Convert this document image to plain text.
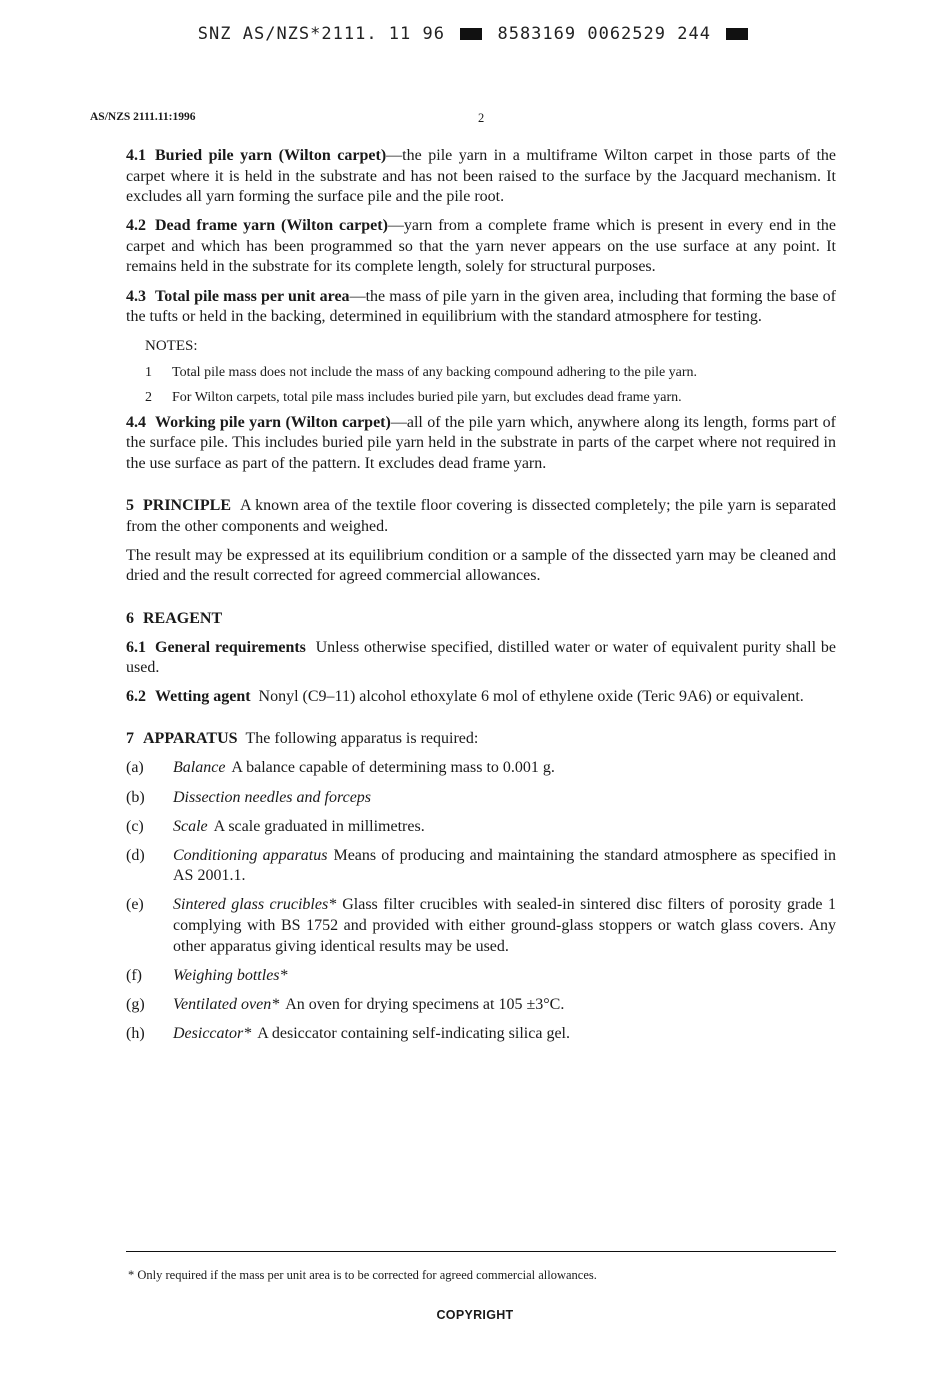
SNZ AS/NZS*2111. 11 96	8583169 0062529 244
AS/NZS 2111.11:1996	2

4.1 Buried pile yarn (Wilton carpet)—the pile yarn in a multiframe Wilton carpet in those parts of the carpet where it is held in the substrate and has not been raised to the surface by the Jacquard mechanism. It excludes all yarn forming the surface pile and the pile root.

4.2 Dead frame yarn (Wilton carpet)—yarn from a complete frame which is present in every end in the carpet and which has been programmed so that the yarn never appears on the use surface at any point. It remains held in the substrate for its complete length, solely for structural purposes.

4.3 Total pile mass per unit area—the mass of pile yarn in the given area, including that forming the base of the tufts or held in the backing, determined in equilibrium with the standard atmosphere for testing.

NOTES:
1	Total pile mass does not include the mass of any backing compound adhering to the pile yarn.
2	For Wilton carpets, total pile mass includes buried pile yarn, but excludes dead frame yarn.

4.4 Working pile yarn (Wilton carpet)—all of the pile yarn which, anywhere along its length, forms part of the surface pile. This includes buried pile yarn held in the substrate in parts of the carpet where not required in the use surface as part of the pattern. It excludes dead frame yarn.

5 PRINCIPLE A known area of the textile floor covering is dissected completely; the pile yarn is separated from the other components and weighed.

The result may be expressed at its equilibrium condition or a sample of the dissected yarn may be cleaned and dried and the result corrected for agreed commercial allowances.

6 REAGENT

6.1 General requirements Unless otherwise specified, distilled water or water of equivalent purity shall be used.

6.2 Wetting agent Nonyl (C9–11) alcohol ethoxylate 6 mol of ethylene oxide (Teric 9A6) or equivalent.

7 APPARATUS The following apparatus is required:

(a)	Balance A balance capable of determining mass to 0.001 g.
(b)	Dissection needles and forceps
(c)	Scale A scale graduated in millimetres.
(d)	Conditioning apparatus Means of producing and maintaining the standard atmosphere as specified in AS 2001.1.
(e)	Sintered glass crucibles* Glass filter crucibles with sealed-in sintered disc filters of porosity grade 1 complying with BS 1752 and provided with either ground-glass stoppers or watch glass covers. Any other apparatus giving identical results may be used.
(f)	Weighing bottles*
(g)	Ventilated oven* An oven for drying specimens at 105 ±3°C.
(h)	Desiccator* A desiccator containing self-indicating silica gel.
* Only required if the mass per unit area is to be corrected for agreed commercial allowances.
COPYRIGHT
